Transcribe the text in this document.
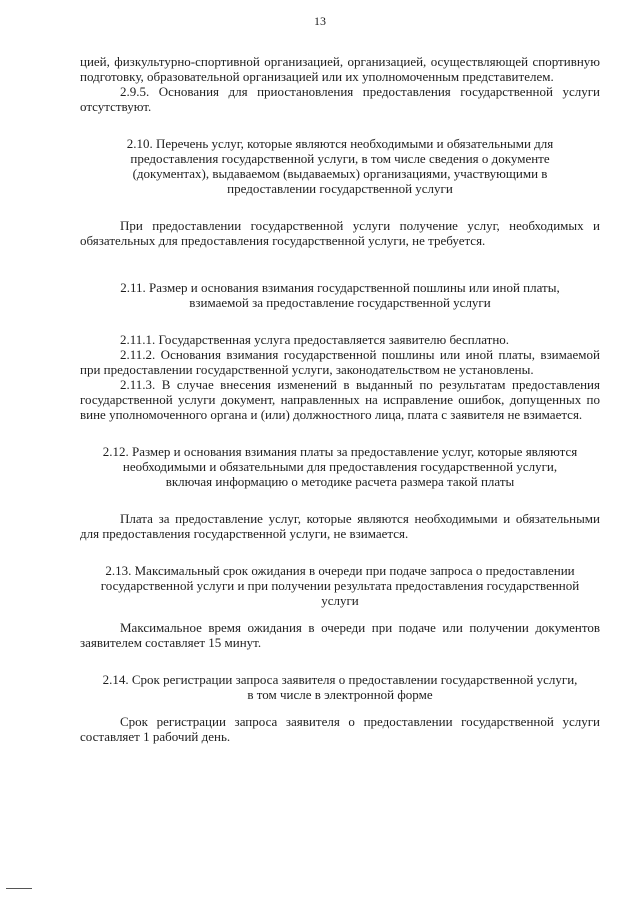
13

цией, физкультурно-спортивной организацией, организацией, осуществляющей спортивную подготовку, образовательной организацией или их уполномоченным представителем.

2.9.5. Основания для приостановления предоставления государственной услуги отсутствуют.

2.10. Перечень услуг, которые являются необходимыми и обязательными для предоставления государственной услуги, в том числе сведения о документе (документах), выдаваемом (выдаваемых) организациями, участвующими в предоставлении государственной услуги

При предоставлении государственной услуги получение услуг, необходимых и обязательных для предоставления государственной услуги, не требуется.

2.11. Размер и основания взимания государственной пошлины или иной платы, взимаемой за предоставление государственной услуги

2.11.1. Государственная услуга предоставляется заявителю бесплатно.

2.11.2. Основания взимания государственной пошлины или иной платы, взимаемой при предоставлении государственной услуги, законодательством не установлены.

2.11.3. В случае внесения изменений в выданный по результатам предоставления государственной услуги документ, направленных на исправление ошибок, допущенных по вине уполномоченного органа и (или) должностного лица, плата с заявителя не взимается.

2.12. Размер и основания взимания платы за предоставление услуг, которые являются необходимыми и обязательными для предоставления государственной услуги, включая информацию о методике расчета размера такой платы

Плата за предоставление услуг, которые являются необходимыми и обязательными для предоставления государственной услуги, не взимается.

2.13. Максимальный срок ожидания в очереди при подаче запроса о предоставлении государственной услуги и при получении результата предоставления государственной услуги

Максимальное время ожидания в очереди при подаче или получении документов заявителем составляет 15 минут.

2.14. Срок регистрации запроса заявителя о предоставлении государственной услуги, в том числе в электронной форме

Срок регистрации запроса заявителя о предоставлении государственной услуги составляет 1 рабочий день.
